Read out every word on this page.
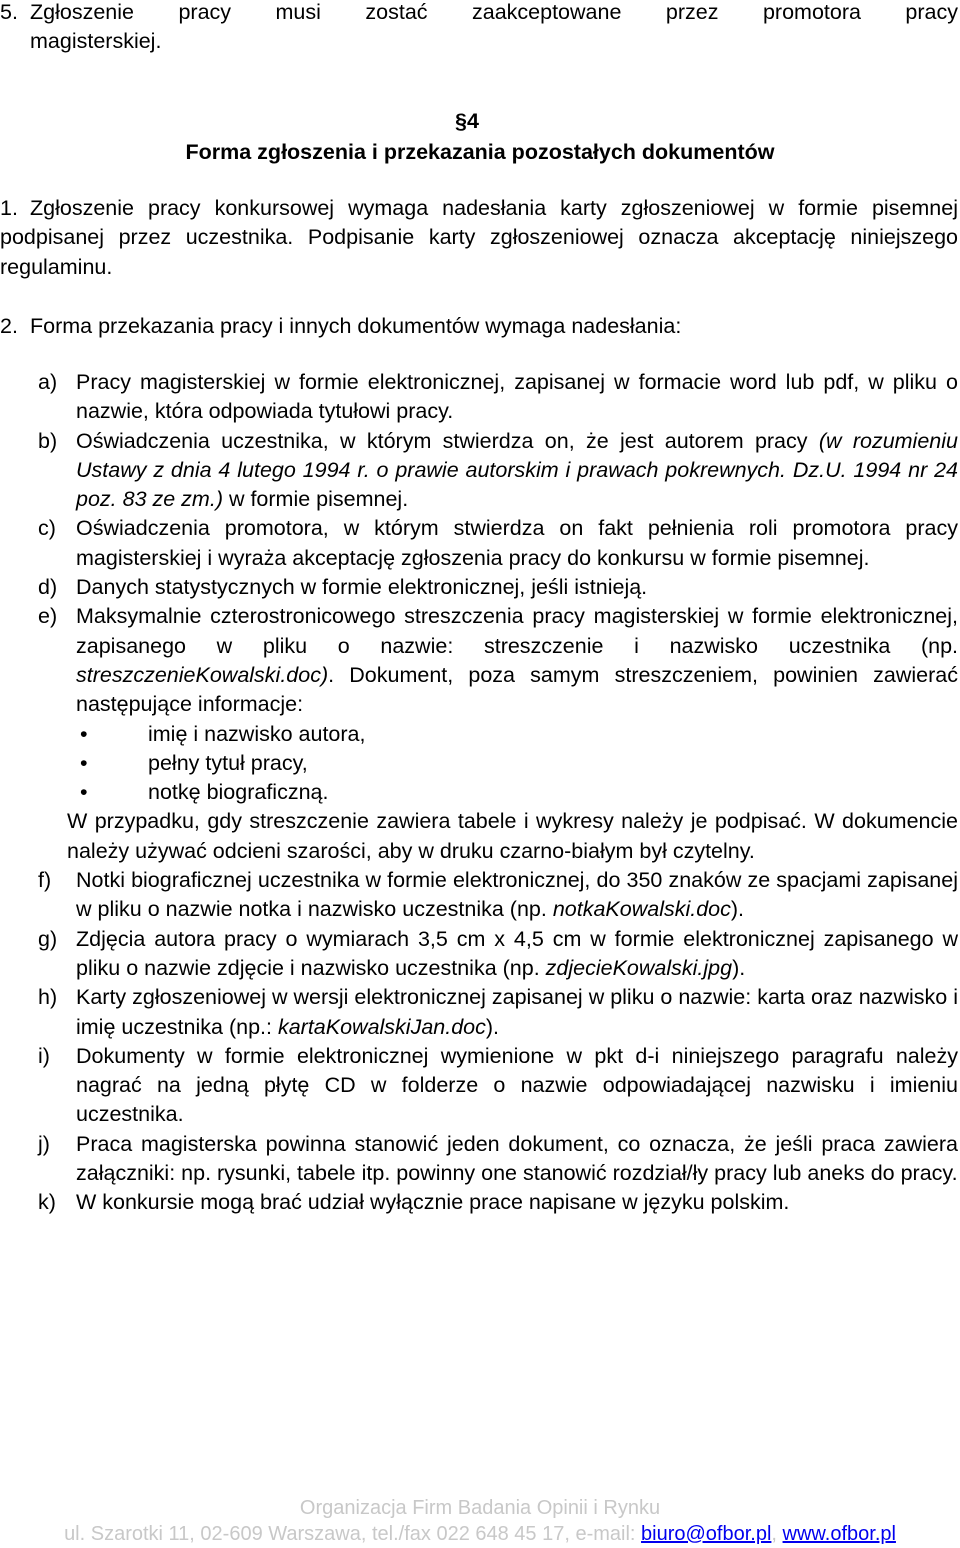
5. Zgłoszenie pracy musi zostać zaakceptowane przez promotora pracy

magisterskiej.

§4
Forma zgłoszenia i przekazania pozostałych dokumentów

1. Zgłoszenie pracy konkursowej wymaga nadesłania karty zgłoszeniowej w formie pisemnej podpisanej przez uczestnika. Podpisanie karty zgłoszeniowej oznacza akceptację niniejszego regulaminu.

2. Forma przekazania pracy i innych dokumentów wymaga nadesłania:

a) Pracy magisterskiej w formie elektronicznej, zapisanej w formacie word lub pdf, w pliku o nazwie, która odpowiada tytułowi pracy.
b) Oświadczenia uczestnika, w którym stwierdza on, że jest autorem pracy (w rozumieniu Ustawy z dnia 4 lutego 1994 r. o prawie autorskim i prawach pokrewnych. Dz.U. 1994 nr 24 poz. 83 ze zm.) w formie pisemnej.
c) Oświadczenia promotora, w którym stwierdza on fakt pełnienia roli promotora pracy magisterskiej i wyraża akceptację zgłoszenia pracy do konkursu w formie pisemnej.
d) Danych statystycznych w formie elektronicznej, jeśli istnieją.
e) Maksymalnie czterostronicowego streszczenia pracy magisterskiej w formie elektronicznej, zapisanego w pliku o nazwie: streszczenie i nazwisko uczestnika (np. streszczenieKowalski.doc). Dokument, poza samym streszczeniem, powinien zawierać następujące informacje:
•	imię i nazwisko autora,
•	pełny tytuł pracy,
•	notkę biograficzną.
W przypadku, gdy streszczenie zawiera tabele i wykresy należy je podpisać. W dokumencie należy używać odcieni szarości, aby w druku czarno-białym był czytelny.
f)	Notki biograficznej uczestnika w formie elektronicznej, do 350 znaków ze spacjami zapisanej w pliku o nazwie notka i nazwisko uczestnika (np. notkaKowalski.doc).
g) Zdjęcia autora pracy o wymiarach 3,5 cm x 4,5 cm w formie elektronicznej zapisanego w pliku o nazwie zdjęcie i nazwisko uczestnika (np. zdjecieKowalski.jpg).
h) Karty zgłoszeniowej w wersji elektronicznej zapisanej w pliku o nazwie: karta oraz nazwisko i imię uczestnika (np.: kartaKowalskiJan.doc).
i)	Dokumenty w formie elektronicznej wymienione w pkt d-i niniejszego paragrafu należy nagrać na jedną płytę CD w folderze o nazwie odpowiadającej nazwisku i imieniu uczestnika.
j)	Praca magisterska powinna stanowić jeden dokument, co oznacza, że jeśli praca zawiera załączniki: np. rysunki, tabele itp. powinny one stanowić rozdział/ły pracy lub aneks do pracy.
k) W konkursie mogą brać udział wyłącznie prace napisane w języku polskim.
Organizacja Firm Badania Opinii i Rynku
ul. Szarotki 11, 02-609 Warszawa, tel./fax 022 648 45 17, e-mail: biuro@ofbor.pl, www.ofbor.pl
